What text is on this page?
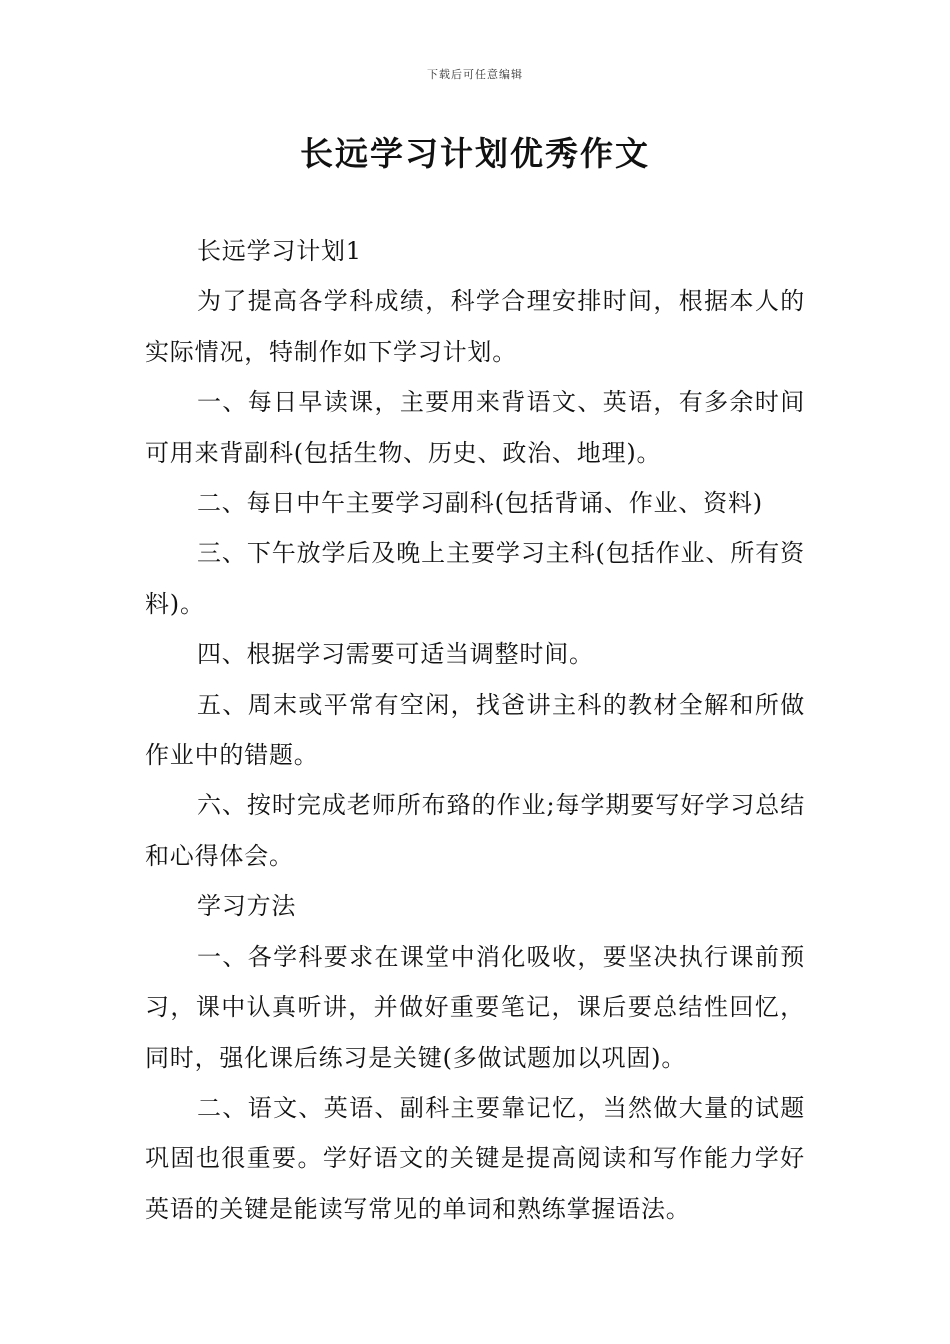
下载后可任意编辑
长远学习计划优秀作文

长远学习计划1

为了提高各学科成绩，科学合理安排时间，根据本人的实际情况，特制作如下学习计划。

一、每日早读课，主要用来背语文、英语，有多余时间可用来背副科(包括生物、历史、政治、地理)。

二、每日中午主要学习副科(包括背诵、作业、资料)

三、下午放学后及晚上主要学习主科(包括作业、所有资料)。

四、根据学习需要可适当调整时间。

五、周末或平常有空闲，找爸讲主科的教材全解和所做作业中的错题。

六、按时完成老师所布臵的作业;每学期要写好学习总结和心得体会。

学习方法

一、各学科要求在课堂中消化吸收，要坚决执行课前预习，课中认真听讲，并做好重要笔记，课后要总结性回忆，同时，强化课后练习是关键(多做试题加以巩固)。

二、语文、英语、副科主要靠记忆，当然做大量的试题巩固也很重要。学好语文的关键是提高阅读和写作能力学好英语的关键是能读写常见的单词和熟练掌握语法。
